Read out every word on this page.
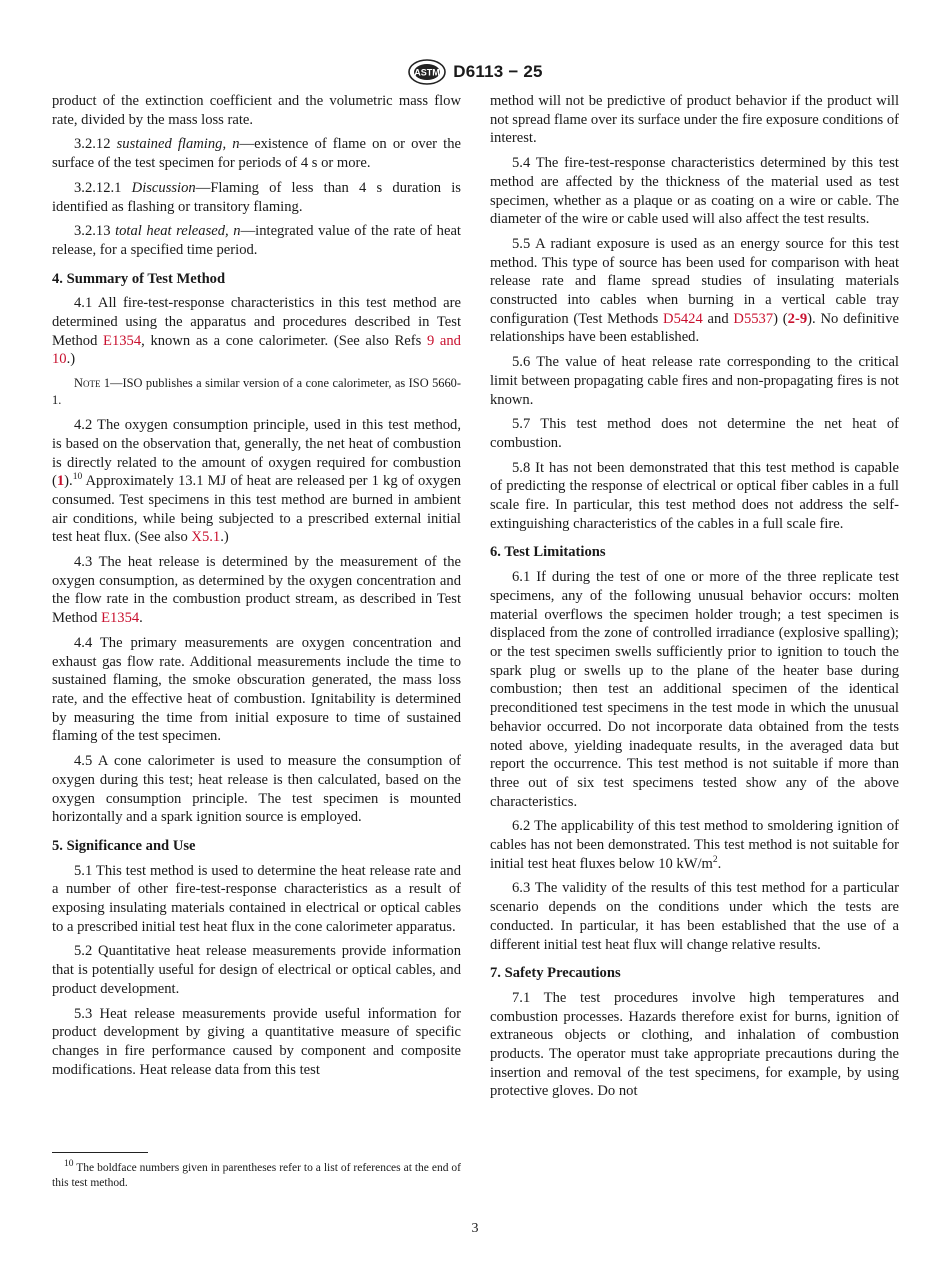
ASTM D6113 − 25

product of the extinction coefficient and the volumetric mass flow rate, divided by the mass loss rate.

3.2.12 sustained flaming, n—existence of flame on or over the surface of the test specimen for periods of 4 s or more.

3.2.12.1 Discussion—Flaming of less than 4 s duration is identified as flashing or transitory flaming.

3.2.13 total heat released, n—integrated value of the rate of heat release, for a specified time period.

4. Summary of Test Method

4.1 All fire-test-response characteristics in this test method are determined using the apparatus and procedures described in Test Method E1354, known as a cone calorimeter. (See also Refs 9 and 10.)

Note 1—ISO publishes a similar version of a cone calorimeter, as ISO 5660-1.

4.2 The oxygen consumption principle, used in this test method, is based on the observation that, generally, the net heat of combustion is directly related to the amount of oxygen required for combustion (1).$^{10}$ Approximately 13.1 MJ of heat are released per 1 kg of oxygen consumed. Test specimens in this test method are burned in ambient air conditions, while being subjected to a prescribed external initial test heat flux. (See also X5.1.)

4.3 The heat release is determined by the measurement of the oxygen consumption, as determined by the oxygen concentration and the flow rate in the combustion product stream, as described in Test Method E1354.

4.4 The primary measurements are oxygen concentration and exhaust gas flow rate. Additional measurements include the time to sustained flaming, the smoke obscuration generated, the mass loss rate, and the effective heat of combustion. Ignitability is determined by measuring the time from initial exposure to time of sustained flaming of the test specimen.

4.5 A cone calorimeter is used to measure the consumption of oxygen during this test; heat release is then calculated, based on the oxygen consumption principle. The test specimen is mounted horizontally and a spark ignition source is employed.

5. Significance and Use

5.1 This test method is used to determine the heat release rate and a number of other fire-test-response characteristics as a result of exposing insulating materials contained in electrical or optical cables to a prescribed initial test heat flux in the cone calorimeter apparatus.

5.2 Quantitative heat release measurements provide information that is potentially useful for design of electrical or optical cables, and product development.

5.3 Heat release measurements provide useful information for product development by giving a quantitative measure of specific changes in fire performance caused by component and composite modifications. Heat release data from this test

method will not be predictive of product behavior if the product will not spread flame over its surface under the fire exposure conditions of interest.

5.4 The fire-test-response characteristics determined by this test method are affected by the thickness of the material used as test specimen, whether as a plaque or as coating on a wire or cable. The diameter of the wire or cable used will also affect the test results.

5.5 A radiant exposure is used as an energy source for this test method. This type of source has been used for comparison with heat release rate and flame spread studies of insulating materials constructed into cables when burning in a vertical cable tray configuration (Test Methods D5424 and D5537) (2-9). No definitive relationships have been established.

5.6 The value of heat release rate corresponding to the critical limit between propagating cable fires and non-propagating fires is not known.

5.7 This test method does not determine the net heat of combustion.

5.8 It has not been demonstrated that this test method is capable of predicting the response of electrical or optical fiber cables in a full scale fire. In particular, this test method does not address the self-extinguishing characteristics of the cables in a full scale fire.

6. Test Limitations

6.1 If during the test of one or more of the three replicate test specimens, any of the following unusual behavior occurs: molten material overflows the specimen holder trough; a test specimen is displaced from the zone of controlled irradiance (explosive spalling); or the test specimen swells sufficiently prior to ignition to touch the spark plug or swells up to the plane of the heater base during combustion; then test an additional specimen of the identical preconditioned test specimens in the test mode in which the unusual behavior occurred. Do not incorporate data obtained from the tests noted above, yielding inadequate results, in the averaged data but report the occurrence. This test method is not suitable if more than three out of six test specimens tested show any of the above characteristics.

6.2 The applicability of this test method to smoldering ignition of cables has not been demonstrated. This test method is not suitable for initial test heat fluxes below 10 $kW/m^2$.

6.3 The validity of the results of this test method for a particular scenario depends on the conditions under which the tests are conducted. In particular, it has been established that the use of a different initial test heat flux will change relative results.

7. Safety Precautions

7.1 The test procedures involve high temperatures and combustion processes. Hazards therefore exist for burns, ignition of extraneous objects or clothing, and inhalation of combustion products. The operator must take appropriate precautions during the insertion and removal of the test specimens, for example, by using protective gloves. Do not

$^{10}$ The boldface numbers given in parentheses refer to a list of references at the end of this test method.
3
